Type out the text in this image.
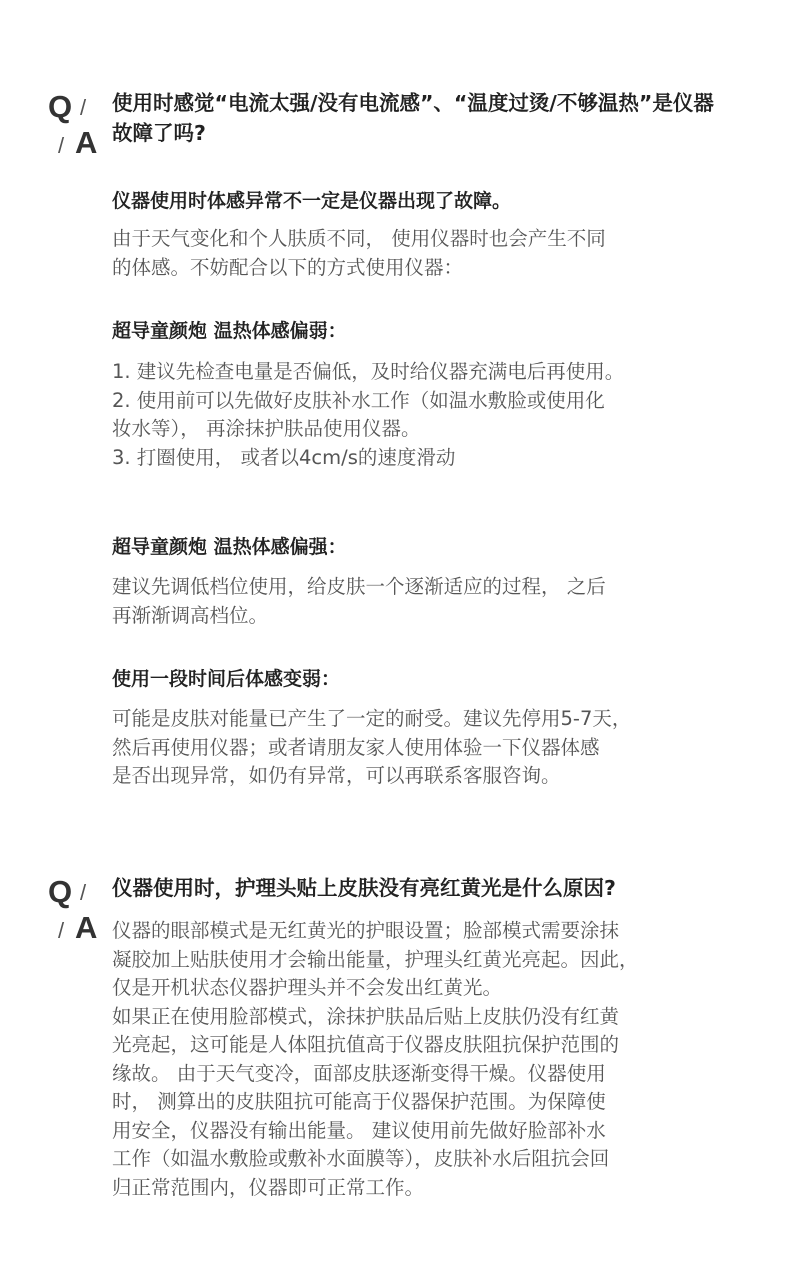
Q /
/ A
使用时感觉“电流太强/没有电流感”、“温度过烫/不够温热”是仪器故障了吗?
仪器使用时体感异常不一定是仪器出现了故障。
由于天气变化和个人肤质不同， 使用仪器时也会产生不同
的体感。不妨配合以下的方式使用仪器：
超导童颜炮 温热体感偏弱：
1. 建议先检查电量是否偏低，及时给仪器充满电后再使用。
2. 使用前可以先做好皮肤补水工作（如温水敷脸或使用化
妆水等）， 再涂抹护肤品使用仪器。
3. 打圈使用， 或者以4cm/s的速度滑动
超导童颜炮 温热体感偏强：
建议先调低档位使用，给皮肤一个逐渐适应的过程， 之后
再渐渐调高档位。
使用一段时间后体感变弱：
可能是皮肤对能量已产生了一定的耐受。建议先停用5-7天，
然后再使用仪器；或者请朋友家人使用体验一下仪器体感
是否出现异常，如仍有异常，可以再联系客服咨询。
Q /
/ A
仪器使用时，护理头贴上皮肤没有亮红黄光是什么原因?
仪器的眼部模式是无红黄光的护眼设置；脸部模式需要涂抹
凝胶加上贴肤使用才会输出能量，护理头红黄光亮起。因此，
仅是开机状态仪器护理头并不会发出红黄光。
如果正在使用脸部模式，涂抹护肤品后贴上皮肤仍没有红黄
光亮起，这可能是人体阻抗值高于仪器皮肤阻抗保护范围的
缘故。 由于天气变冷，面部皮肤逐渐变得干燥。仪器使用
时， 测算出的皮肤阻抗可能高于仪器保护范围。为保障使
用安全，仪器没有输出能量。 建议使用前先做好脸部补水
工作（如温水敷脸或敷补水面膜等），皮肤补水后阻抗会回
归正常范围内，仪器即可正常工作。
